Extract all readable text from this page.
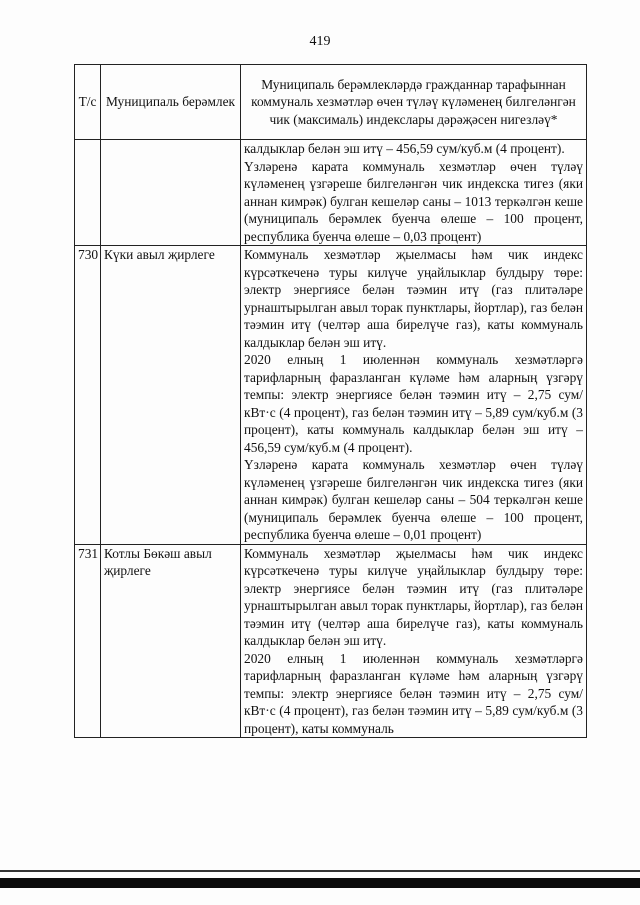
419
Т/с	Муниципаль берәмлек	Муниципаль берәмлекләрдә гражданнар тарафыннан коммуналь хезмәтләр өчен түләү күләменең билгеләнгән чик (максималь) индекслары дәрәҗәсен нигезләү*

		калдыклар белән эш итү – 456,59 сум/куб.м (4 процент).

Үзләренә карата коммуналь хезмәтләр өчен түләү күләменең үзгәреше билгеләнгән чик индекска тигез (яки аннан кимрәк) булган кешеләр саны – 1013 теркәлгән кеше (муниципаль берәмлек буенча өлеше – 100 процент, республика буенча өлеше – 0,03 процент)

730	Күки авыл җирлеге	Коммуналь хезмәтләр җыелмасы һәм чик индекс күрсәткеченә туры килүче уңайлыклар булдыру төре: электр энергиясе белән тәэмин итү (газ плитәләре урнаштырылган авыл торак пунктлары, йортлар), газ белән тәэмин итү (челтәр аша бирелүче газ), каты коммуналь калдыклар белән эш итү.

2020 елның 1 июленнән коммуналь хезмәтләргә тарифларның фаразланган күләме һәм аларның үзгәрү темпы: электр энергиясе белән тәэмин итү – 2,75 сум/кВт·с (4 процент), газ белән тәэмин итү – 5,89 сум/куб.м (3 процент), каты коммуналь калдыклар белән эш итү – 456,59 сум/куб.м (4 процент).

Үзләренә карата коммуналь хезмәтләр өчен түләү күләменең үзгәреше билгеләнгән чик индекска тигез (яки аннан кимрәк) булган кешеләр саны – 504 теркәлгән кеше (муниципаль берәмлек буенча өлеше – 100 процент, республика буенча өлеше – 0,01 процент)

731	Котлы Бөкәш авыл җирлеге	Коммуналь хезмәтләр җыелмасы һәм чик индекс күрсәткеченә туры килүче уңайлыклар булдыру төре: электр энергиясе белән тәэмин итү (газ плитәләре урнаштырылган авыл торак пунктлары, йортлар), газ белән тәэмин итү (челтәр аша бирелүче газ), каты коммуналь калдыклар белән эш итү.

2020 елның 1 июленнән коммуналь хезмәтләргә тарифларның фаразланган күләме һәм аларның үзгәрү темпы: электр энергиясе белән тәэмин итү – 2,75 сум/кВт·с (4 процент), газ белән тәэмин итү – 5,89 сум/куб.м (3 процент), каты коммуналь
